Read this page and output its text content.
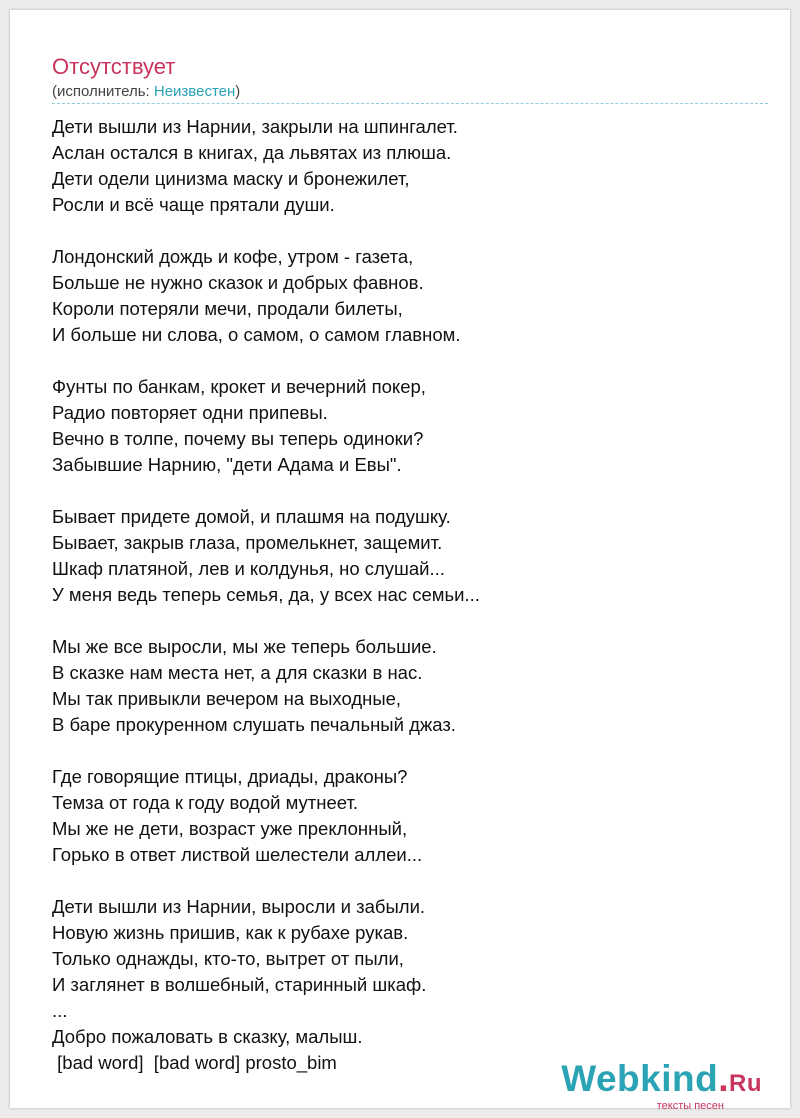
Отсутствует
(исполнитель: Неизвестен)
Дети вышли из Нарнии, закрыли на шпингалет.
Аслан остался в книгах, да львятах из плюша.
Дети одели цинизма маску и бронежилет,
Росли и всё чаще прятали души.
Лондонский дождь и кофе, утром - газета,
Больше не нужно сказок и добрых фавнов.
Короли потеряли мечи, продали билеты,
И больше ни слова, о самом, о самом главном.
Фунты по банкам, крокет и вечерний покер,
Радио повторяет одни припевы.
Вечно в толпе, почему вы теперь одиноки?
Забывшие Нарнию, "дети Адама и Евы".
Бывает придете домой, и плашмя на подушку.
Бывает, закрыв глаза, промелькнет, защемит.
Шкаф платяной, лев и колдунья, но слушай...
У меня ведь теперь семья, да, у всех нас семьи...
Мы же все выросли, мы же теперь большие.
В сказке нам места нет, а для сказки в нас.
Мы так привыкли вечером на выходные,
В баре прокуренном слушать печальный джаз.
Где говорящие птицы, дриады, драконы?
Темза от года к году водой мутнеет.
Мы же не дети, возраст уже преклонный,
Горько в ответ листвой шелестели аллеи...
Дети вышли из Нарнии, выросли и забыли.
Новую жизнь пришив, как к рубахе рукав.
Только однажды, кто-то, вытрет от пыли,
И заглянет в волшебный, старинный шкаф.
...
Добро пожаловать в сказку, малыш.
[bad word]  [bad word] prosto_bim	Webkind.Ru
тексты песен
